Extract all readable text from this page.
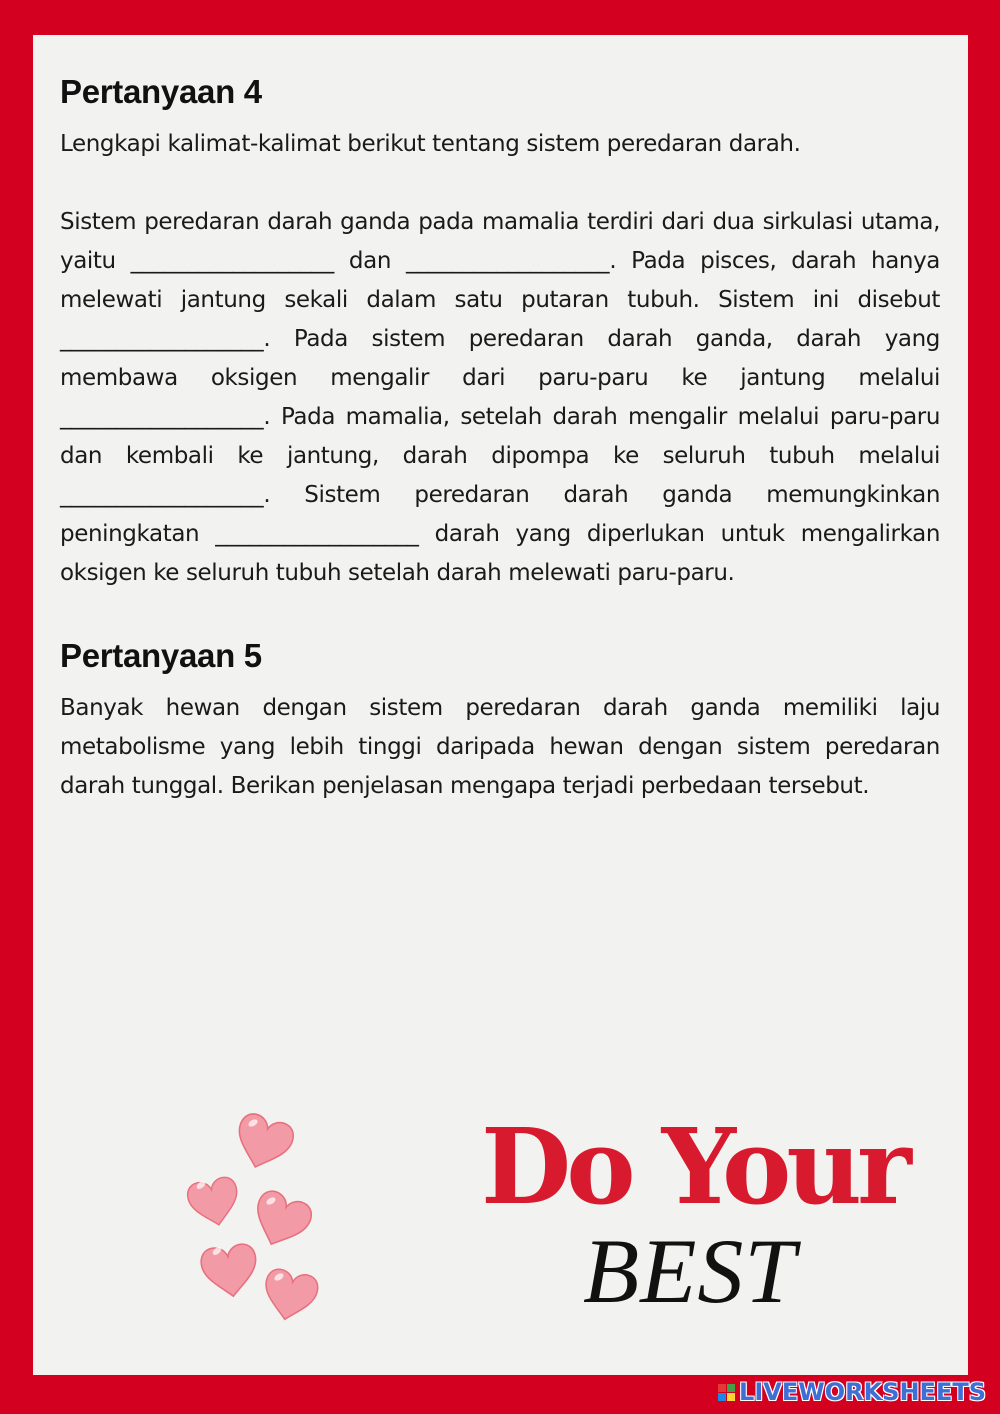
Pertanyaan 4

Lengkapi kalimat-kalimat berikut tentang sistem peredaran darah.

Sistem peredaran darah ganda pada mamalia terdiri dari dua sirkulasi utama, yaitu __________________ dan __________________. Pada pisces, darah hanya melewati jantung sekali dalam satu putaran tubuh. Sistem ini disebut __________________. Pada sistem peredaran darah ganda, darah yang membawa oksigen mengalir dari paru-paru ke jantung melalui __________________. Pada mamalia, setelah darah mengalir melalui paru-paru dan kembali ke jantung, darah dipompa ke seluruh tubuh melalui __________________. Sistem peredaran darah ganda memungkinkan peningkatan __________________ darah yang diperlukan untuk mengalirkan oksigen ke seluruh tubuh setelah darah melewati paru-paru.

Pertanyaan 5

Banyak hewan dengan sistem peredaran darah ganda memiliki laju metabolisme yang lebih tinggi daripada hewan dengan sistem peredaran darah tunggal. Berikan penjelasan mengapa terjadi perbedaan tersebut.

Do Your
BEST
LIVEWORKSHEETS
